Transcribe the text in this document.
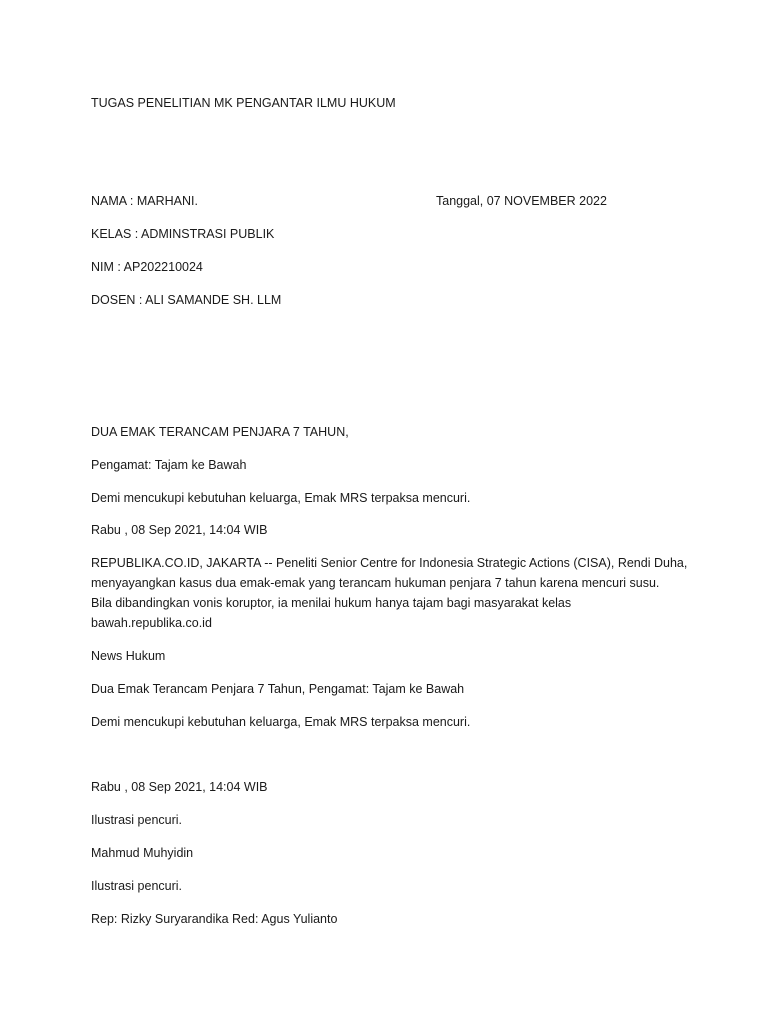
TUGAS PENELITIAN MK PENGANTAR ILMU HUKUM
NAMA : MARHANI.	Tanggal, 07 NOVEMBER 2022
KELAS : ADMINSTRASI PUBLIK
NIM : AP202210024
DOSEN : ALI SAMANDE SH. LLM
DUA EMAK TERANCAM PENJARA 7 TAHUN,
Pengamat: Tajam ke Bawah
Demi mencukupi kebutuhan keluarga, Emak MRS terpaksa mencuri.
Rabu , 08 Sep 2021, 14:04 WIB
REPUBLIKA.CO.ID, JAKARTA -- Peneliti Senior Centre for Indonesia Strategic Actions (CISA), Rendi Duha,
menyayangkan kasus dua emak-emak yang terancam hukuman penjara 7 tahun karena mencuri susu.
Bila dibandingkan vonis koruptor, ia menilai hukum hanya tajam bagi masyarakat kelas
bawah.republika.co.id
News Hukum
Dua Emak Terancam Penjara 7 Tahun, Pengamat: Tajam ke Bawah
Demi mencukupi kebutuhan keluarga, Emak MRS terpaksa mencuri.
Rabu , 08 Sep 2021, 14:04 WIB
Ilustrasi pencuri.
Mahmud Muhyidin
Ilustrasi pencuri.
Rep: Rizky Suryarandika Red: Agus Yulianto
